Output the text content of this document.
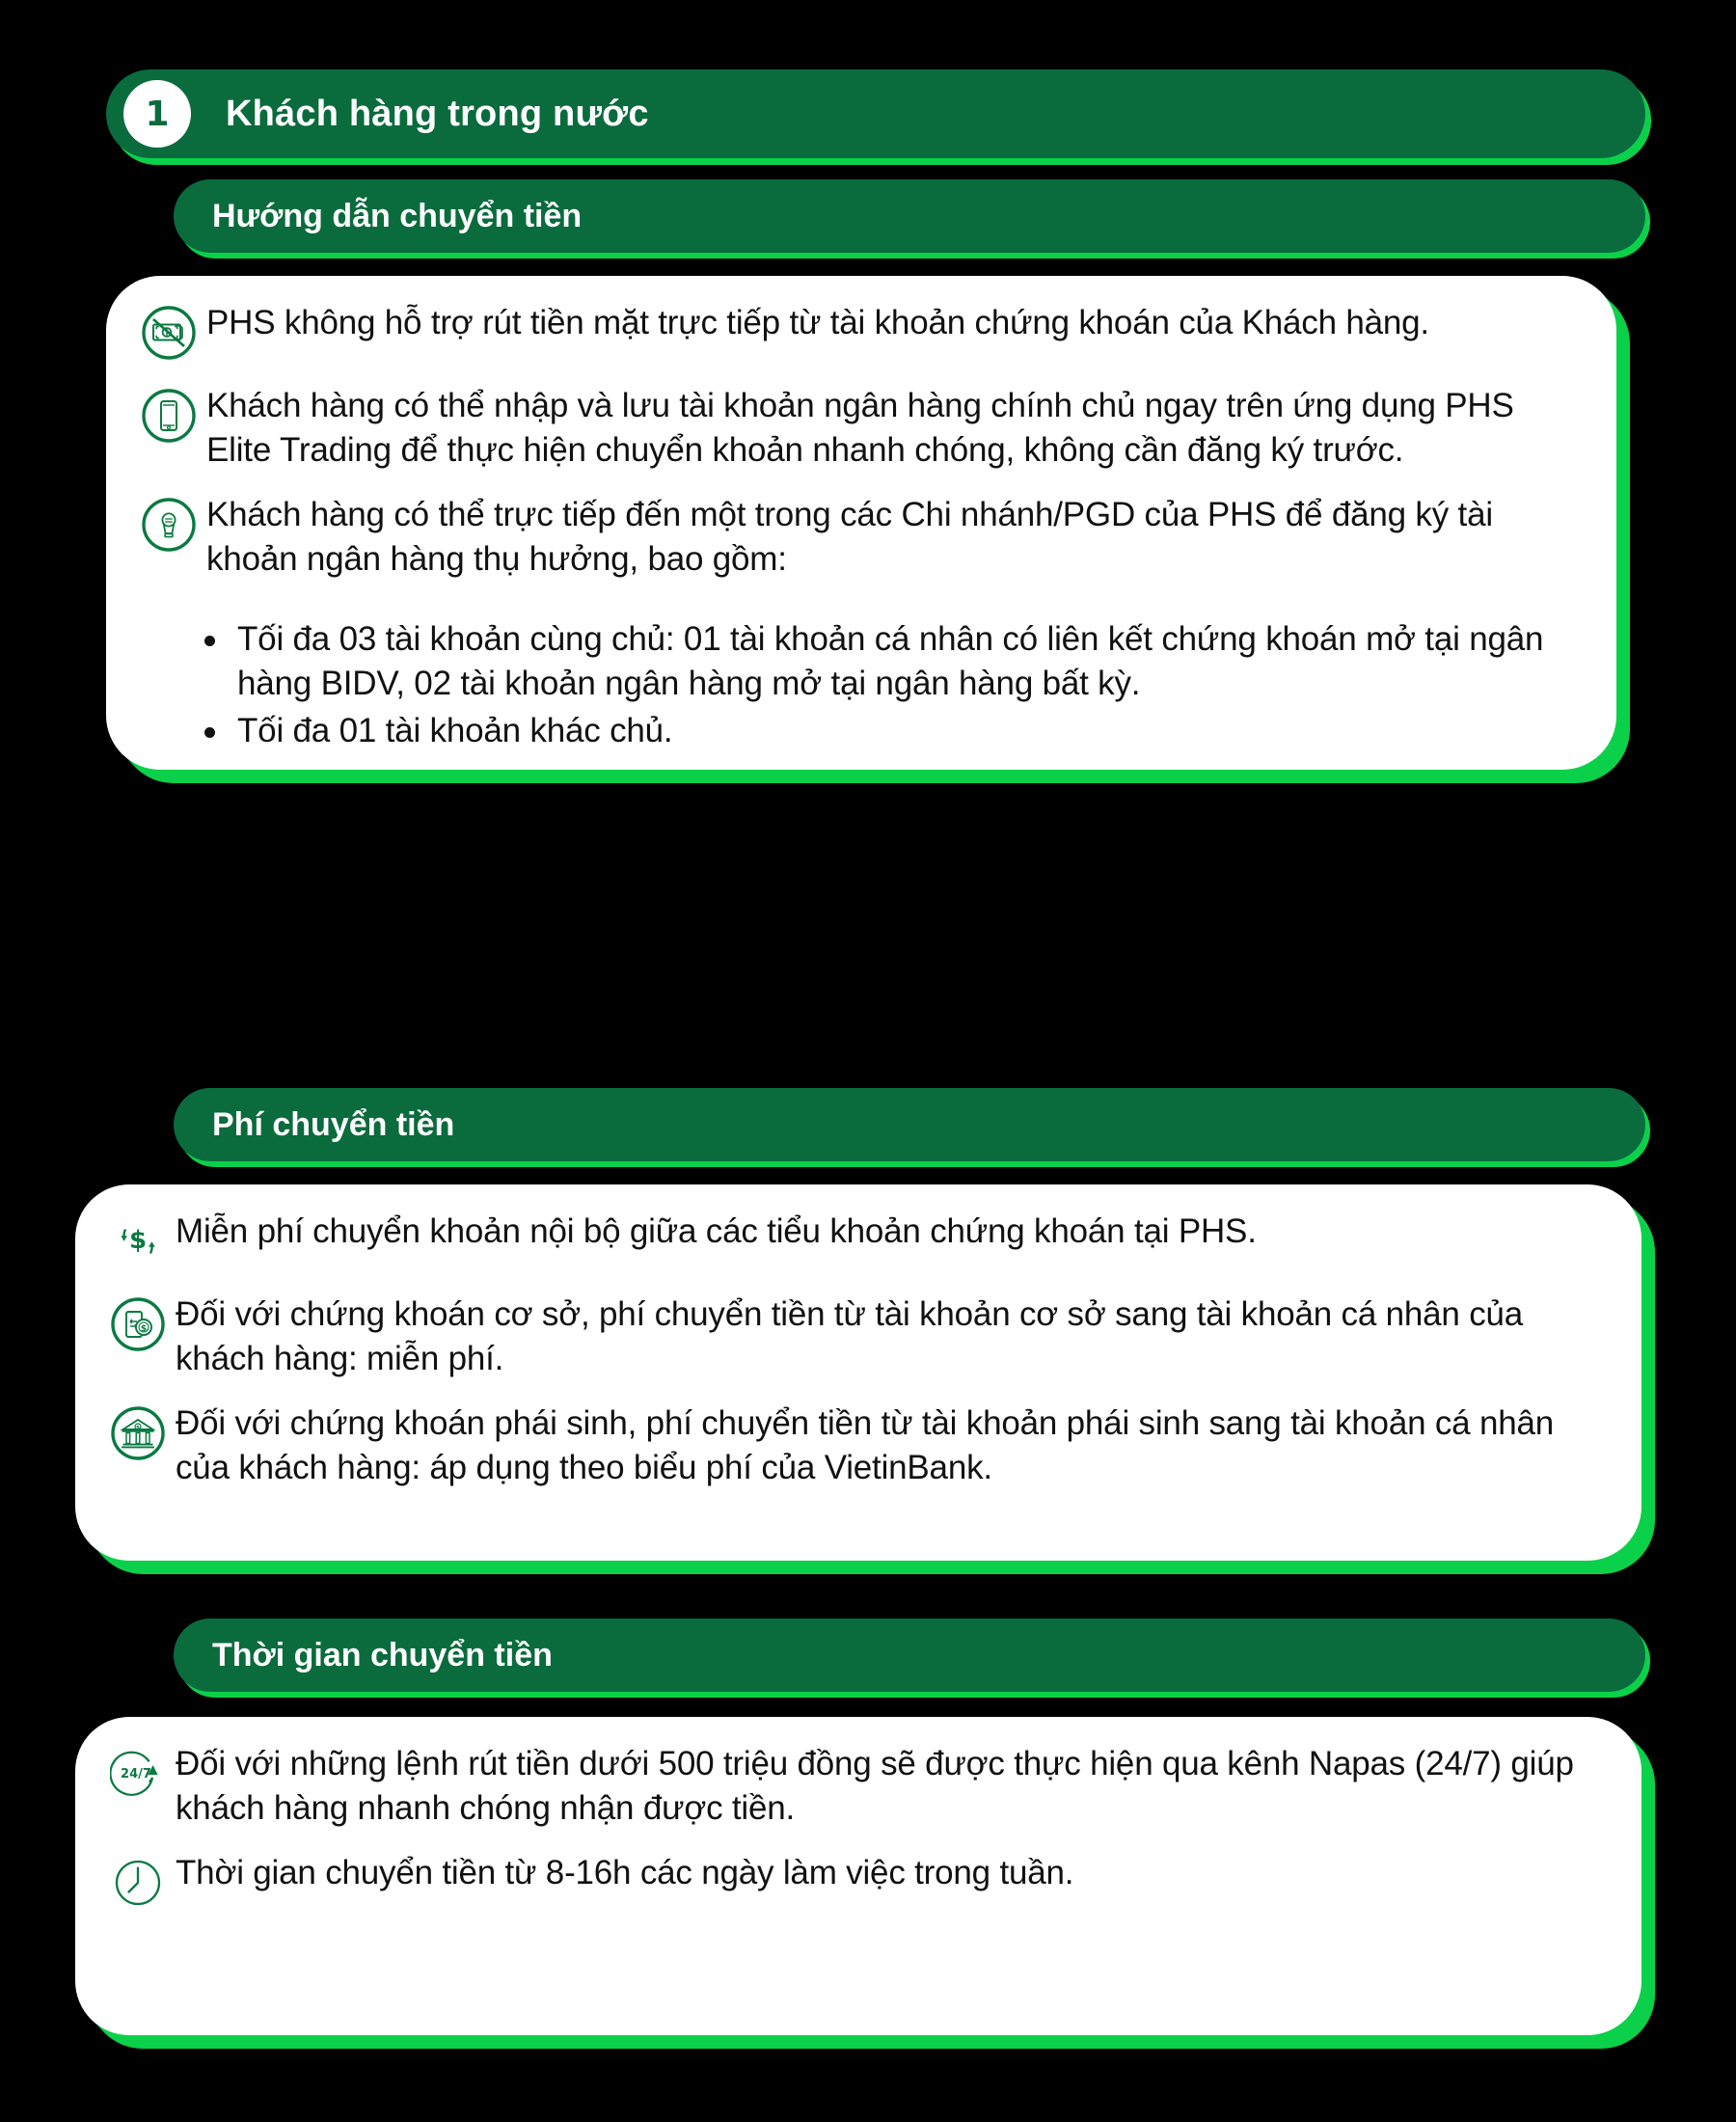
1	Khách hàng trong nước
Hướng dẫn chuyển tiền
PHS không hỗ trợ rút tiền mặt trực tiếp từ tài khoản chứng khoán của Khách hàng.
Khách hàng có thể nhập và lưu tài khoản ngân hàng chính chủ ngay trên ứng dụng PHS Elite Trading để thực hiện chuyển khoản nhanh chóng, không cần đăng ký trước.
Khách hàng có thể trực tiếp đến một trong các Chi nhánh/PGD của PHS để đăng ký tài khoản ngân hàng thụ hưởng, bao gồm:
Tối đa 03 tài khoản cùng chủ: 01 tài khoản cá nhân có liên kết chứng khoán mở tại ngân hàng BIDV, 02 tài khoản ngân hàng mở tại ngân hàng bất kỳ.
Tối đa 01 tài khoản khác chủ.
Phí chuyển tiền
$ Miễn phí chuyển khoản nội bộ giữa các tiểu khoản chứng khoán tại PHS.
$ Đối với chứng khoán cơ sở, phí chuyển tiền từ tài khoản cơ sở sang tài khoản cá nhân của khách hàng: miễn phí.
$ Đối với chứng khoán phái sinh, phí chuyển tiền từ tài khoản phái sinh sang tài khoản cá nhân của khách hàng: áp dụng theo biểu phí của VietinBank.
Thời gian chuyển tiền
24/7 Đối với những lệnh rút tiền dưới 500 triệu đồng sẽ được thực hiện qua kênh Napas (24/7) giúp khách hàng nhanh chóng nhận được tiền.
Thời gian chuyển tiền từ 8-16h các ngày làm việc trong tuần.
